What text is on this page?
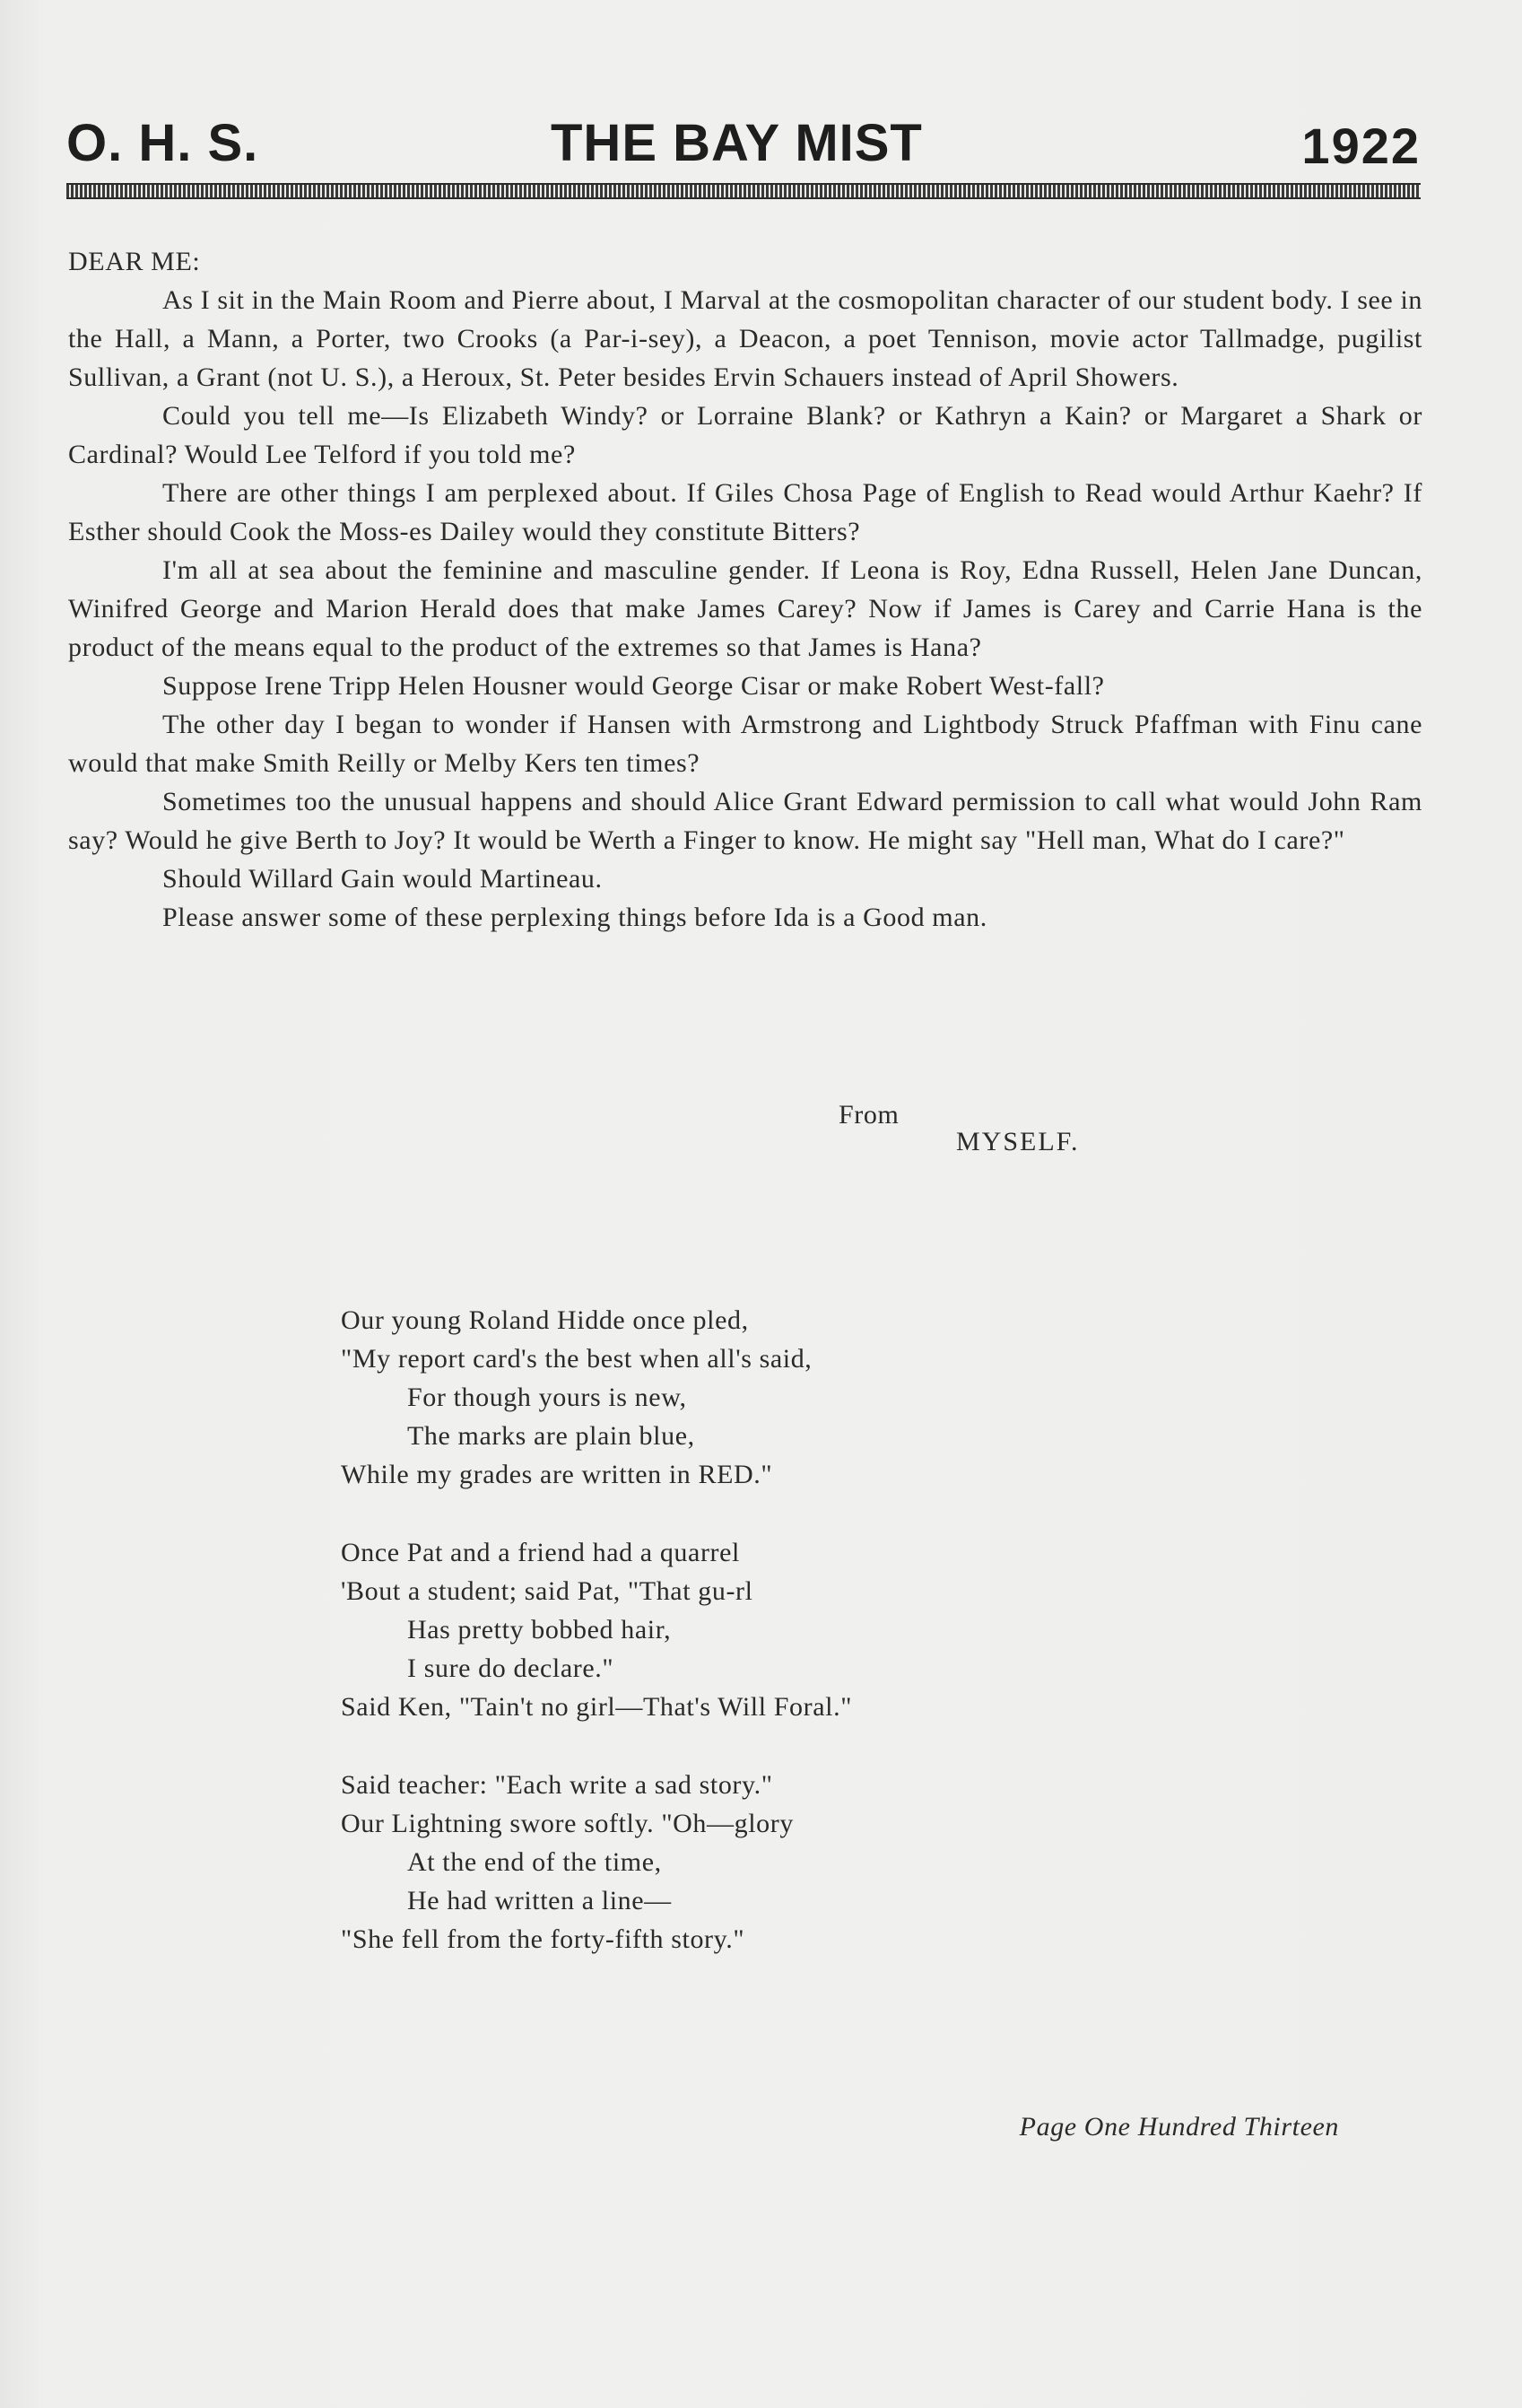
O. H. S.	THE BAY MIST	1922

DEAR ME:

As I sit in the Main Room and Pierre about, I Marval at the cosmopolitan character of our student body. I see in the Hall, a Mann, a Porter, two Crooks (a Par-i-sey), a Deacon, a poet Tennison, movie actor Tallmadge, pugilist Sullivan, a Grant (not U. S.), a Heroux, St. Peter besides Ervin Schauers instead of April Showers.

Could you tell me—Is Elizabeth Windy? or Lorraine Blank? or Kathryn a Kain? or Margaret a Shark or Cardinal? Would Lee Telford if you told me?

There are other things I am perplexed about. If Giles Chosa Page of English to Read would Arthur Kaehr? If Esther should Cook the Moss-es Dailey would they constitute Bitters?

I'm all at sea about the feminine and masculine gender. If Leona is Roy, Edna Russell, Helen Jane Duncan, Winifred George and Marion Herald does that make James Carey? Now if James is Carey and Carrie Hana is the product of the means equal to the product of the extremes so that James is Hana?

Suppose Irene Tripp Helen Housner would George Cisar or make Robert West-fall?

The other day I began to wonder if Hansen with Armstrong and Lightbody Struck Pfaffman with Finu cane would that make Smith Reilly or Melby Kers ten times?

Sometimes too the unusual happens and should Alice Grant Edward permission to call what would John Ram say? Would he give Berth to Joy? It would be Werth a Finger to know. He might say "Hell man, What do I care?"

Should Willard Gain would Martineau.

Please answer some of these perplexing things before Ida is a Good man.

From
MYSELF.
Our young Roland Hidde once pled,
"My report card's the best when all's said,
For though yours is new,
The marks are plain blue,
While my grades are written in RED."
Once Pat and a friend had a quarrel
'Bout a student; said Pat, "That gu-rl
Has pretty bobbed hair,
I sure do declare."
Said Ken, "Tain't no girl—That's Will Foral."
Said teacher: "Each write a sad story."
Our Lightning swore softly. "Oh—glory
At the end of the time,
He had written a line—
"She fell from the forty-fifth story."
Page One Hundred Thirteen
